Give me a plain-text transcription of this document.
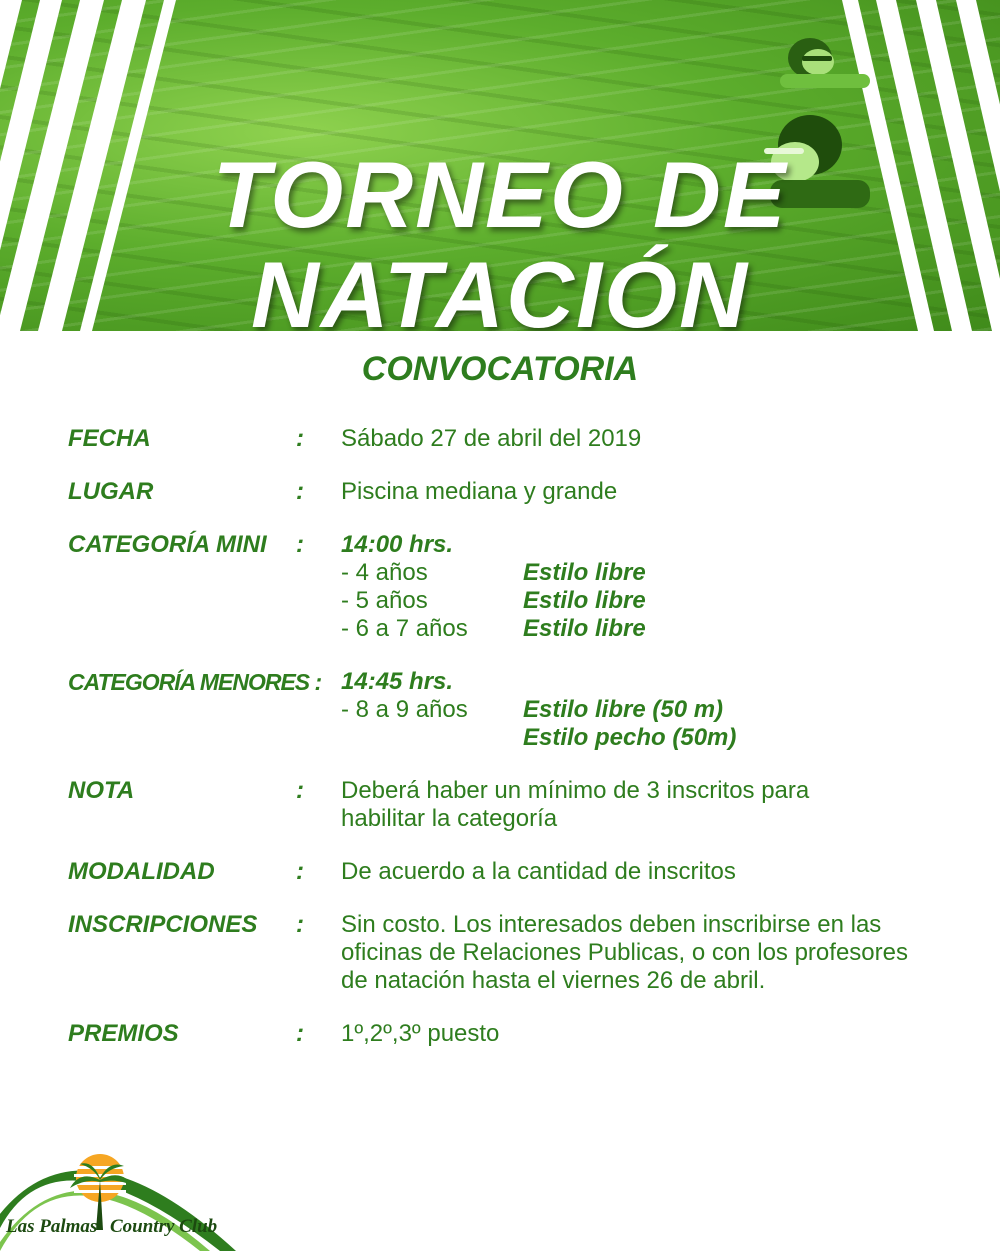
TORNEO DE
NATACIÓN
CONVOCATORIA
FECHA	: Sábado 27 de abril del 2019
LUGAR	: Piscina mediana y grande
CATEGORÍA MINI	: 14:00 hrs.
- 4 años	Estilo libre
- 5 años	Estilo libre
- 6 a 7 años	Estilo libre
CATEGORÍA MENORES : 14:45 hrs.
- 8 a 9 años	Estilo libre (50 m)
Estilo pecho (50m)
NOTA	: Deberá haber un mínimo de 3 inscritos para
habilitar la categoría
MODALIDAD	: De acuerdo a la cantidad de inscritos
INSCRIPCIONES	: Sin costo. Los interesados deben inscribirse en las
oficinas de Relaciones Publicas, o con los profesores
de natación hasta el viernes 26 de abril.
PREMIOS	: 1º,2º,3º puesto
Las Palmas Country Club
